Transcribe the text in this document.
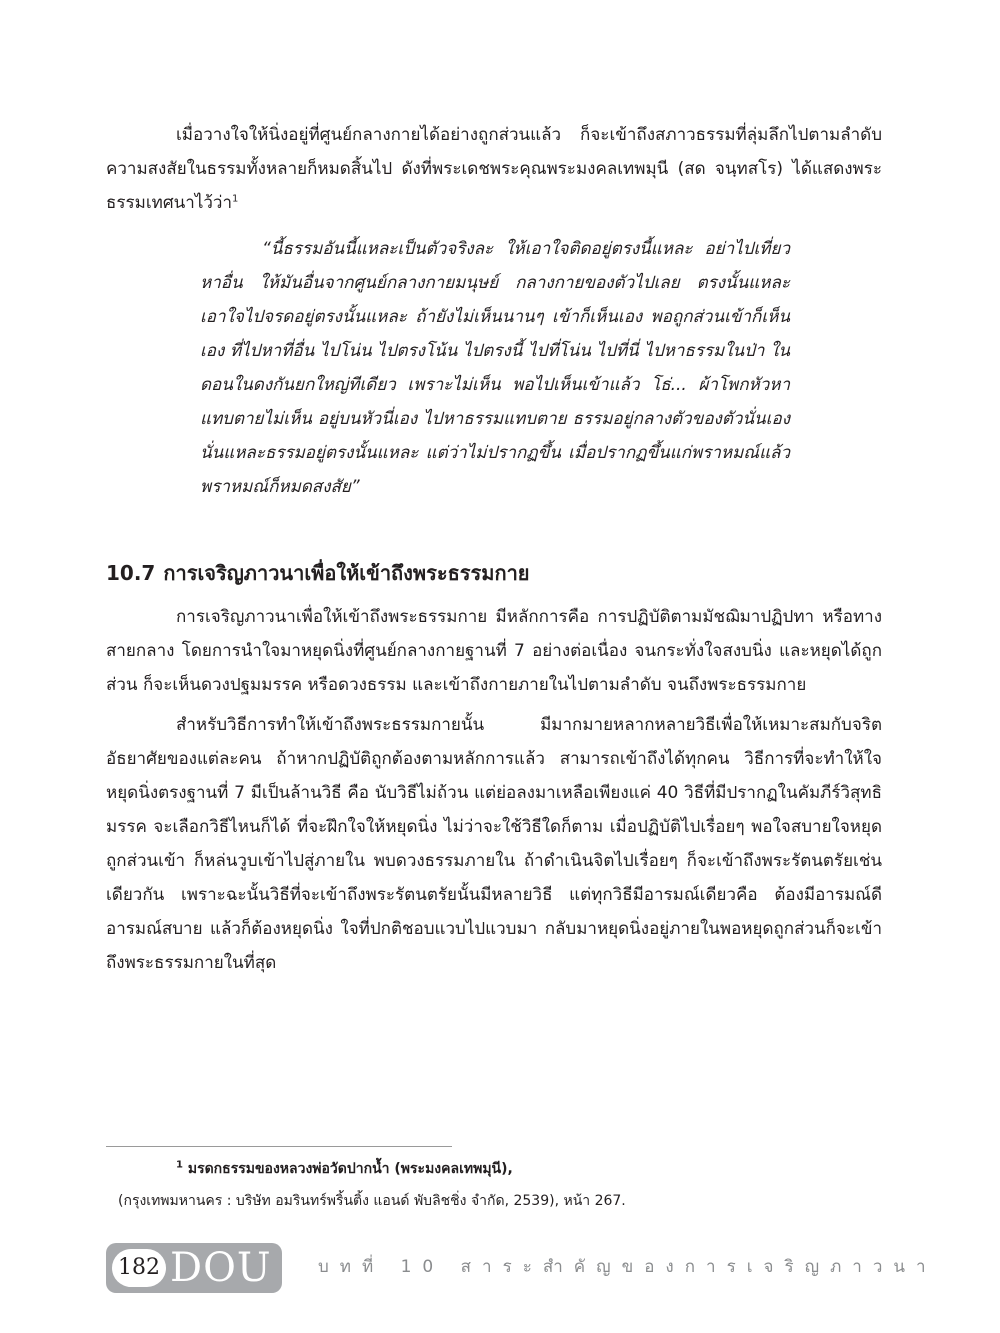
เมื่อวางใจให้นิ่งอยู่ที่ศูนย์กลางกายได้อย่างถูกส่วนแล้ว ก็จะเข้าถึงสภาวธรรมที่ลุ่มลึกไปตามลำดับ ความสงสัยในธรรมทั้งหลายก็หมดสิ้นไป ดังที่พระเดชพระคุณพระมงคลเทพมุนี (สด จนฺทสโร) ได้แสดงพระธรรมเทศนาไว้ว่า$^1$

“นี้ธรรมอันนี้แหละเป็นตัวจริงละ ให้เอาใจติดอยู่ตรงนี้แหละ อย่าไปเที่ยวหาอื่น ให้มันอื่นจากศูนย์กลางกายมนุษย์ กลางกายของตัวไปเลย ตรงนั้นแหละเอาใจไปจรดอยู่ตรงนั้นแหละ ถ้ายังไม่เห็นนานๆ เข้าก็เห็นเอง พอถูกส่วนเข้าก็เห็นเอง ที่ไปหาที่อื่น ไปโน่น ไปตรงโน้น ไปตรงนี้ ไปที่โน่น ไปที่นี่ ไปหาธรรมในป่า ในดอนในดงกันยกใหญ่ทีเดียว เพราะไม่เห็น พอไปเห็นเข้าแล้ว โธ่... ผ้าโพกหัวหาแทบตายไม่เห็น อยู่บนหัวนี่เอง ไปหาธรรมแทบตาย ธรรมอยู่กลางตัวของตัวนั่นเอง นั่นแหละธรรมอยู่ตรงนั้นแหละ แต่ว่าไม่ปรากฏขึ้น เมื่อปรากฏขึ้นแก่พราหมณ์แล้ว พราหมณ์ก็หมดสงสัย”

10.7 การเจริญภาวนาเพื่อให้เข้าถึงพระธรรมกาย

การเจริญภาวนาเพื่อให้เข้าถึงพระธรรมกาย มีหลักการคือ การปฏิบัติตามมัชฌิมาปฏิปทา หรือทางสายกลาง โดยการนำใจมาหยุดนิ่งที่ศูนย์กลางกายฐานที่ 7 อย่างต่อเนื่อง จนกระทั่งใจสงบนิ่ง และหยุดได้ถูกส่วน ก็จะเห็นดวงปฐมมรรค หรือดวงธรรม และเข้าถึงกายภายในไปตามลำดับ จนถึงพระธรรมกาย

สำหรับวิธีการทำให้เข้าถึงพระธรรมกายนั้น มีมากมายหลากหลายวิธีเพื่อให้เหมาะสมกับจริตอัธยาศัยของแต่ละคน ถ้าหากปฏิบัติถูกต้องตามหลักการแล้ว สามารถเข้าถึงได้ทุกคน วิธีการที่จะทำให้ใจหยุดนิ่งตรงฐานที่ 7 มีเป็นล้านวิธี คือ นับวิธีไม่ถ้วน แต่ย่อลงมาเหลือเพียงแค่ 40 วิธีที่มีปรากฏในคัมภีร์วิสุทธิมรรค จะเลือกวิธีไหนก็ได้ ที่จะฝึกใจให้หยุดนิ่ง ไม่ว่าจะใช้วิธีใดก็ตาม เมื่อปฏิบัติไปเรื่อยๆ พอใจสบายใจหยุดถูกส่วนเข้า ก็หล่นวูบเข้าไปสู่ภายใน พบดวงธรรมภายใน ถ้าดำเนินจิตไปเรื่อยๆ ก็จะเข้าถึงพระรัตนตรัยเช่นเดียวกัน เพราะฉะนั้นวิธีที่จะเข้าถึงพระรัตนตรัยนั้นมีหลายวิธี แต่ทุกวิธีมีอารมณ์เดียวคือ ต้องมีอารมณ์ดี อารมณ์สบาย แล้วก็ต้องหยุดนิ่ง ใจที่ปกติชอบแวบไปแวบมา กลับมาหยุดนิ่งอยู่ภายในพอหยุดถูกส่วนก็จะเข้าถึงพระธรรมกายในที่สุด

$^1$ มรดกธรรมของหลวงพ่อวัดปากน้ำ (พระมงคลเทพมุนี),

(กรุงเทพมหานคร : บริษัท อมรินทร์พริ้นติ้ง แอนด์ พับลิชชิ่ง จำกัด, 2539), หน้า 267.

182 DOU	บทที่ 10 สาระสำคัญของการเจริญภาวนา
